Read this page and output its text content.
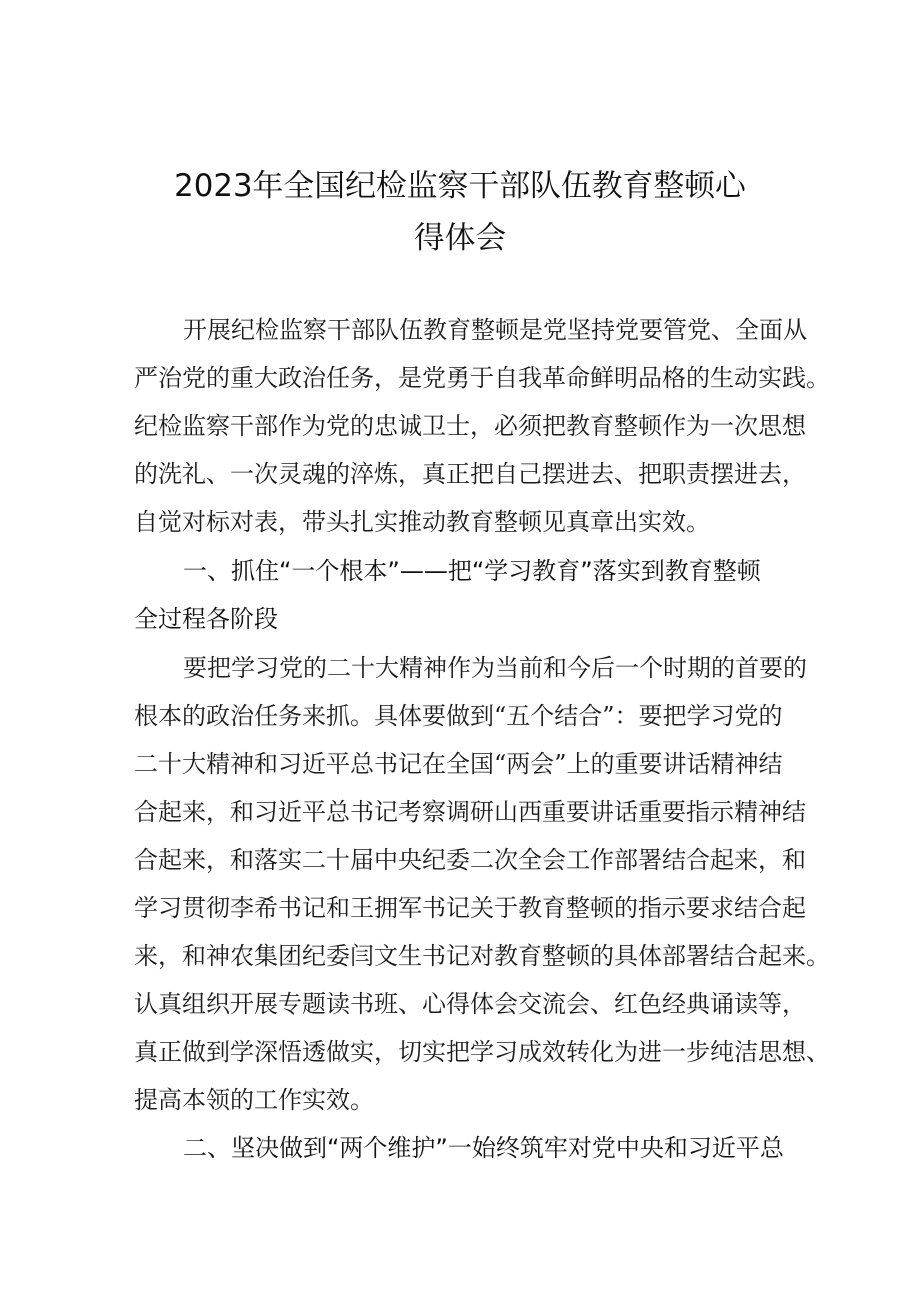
2023年全国纪检监察干部队伍教育整顿心
得体会
开展纪检监察干部队伍教育整顿是党坚持党要管党、全面从
严治党的重大政治任务，是党勇于自我革命鲜明品格的生动实践。
纪检监察干部作为党的忠诚卫士，必须把教育整顿作为一次思想
的洗礼、一次灵魂的淬炼，真正把自己摆进去、把职责摆进去，
自觉对标对表，带头扎实推动教育整顿见真章出实效。
一、抓住“一个根本”——把“学习教育”落实到教育整顿
全过程各阶段
要把学习党的二十大精神作为当前和今后一个时期的首要的
根本的政治任务来抓。具体要做到“五个结合”：要把学习党的
二十大精神和习近平总书记在全国“两会”上的重要讲话精神结
合起来，和习近平总书记考察调研山西重要讲话重要指示精神结
合起来，和落实二十届中央纪委二次全会工作部署结合起来，和
学习贯彻李希书记和王拥军书记关于教育整顿的指示要求结合起
来，和神农集团纪委闫文生书记对教育整顿的具体部署结合起来。
认真组织开展专题读书班、心得体会交流会、红色经典诵读等，
真正做到学深悟透做实，切实把学习成效转化为进一步纯洁思想、
提高本领的工作实效。
二、坚决做到“两个维护”一始终筑牢对党中央和习近平总
